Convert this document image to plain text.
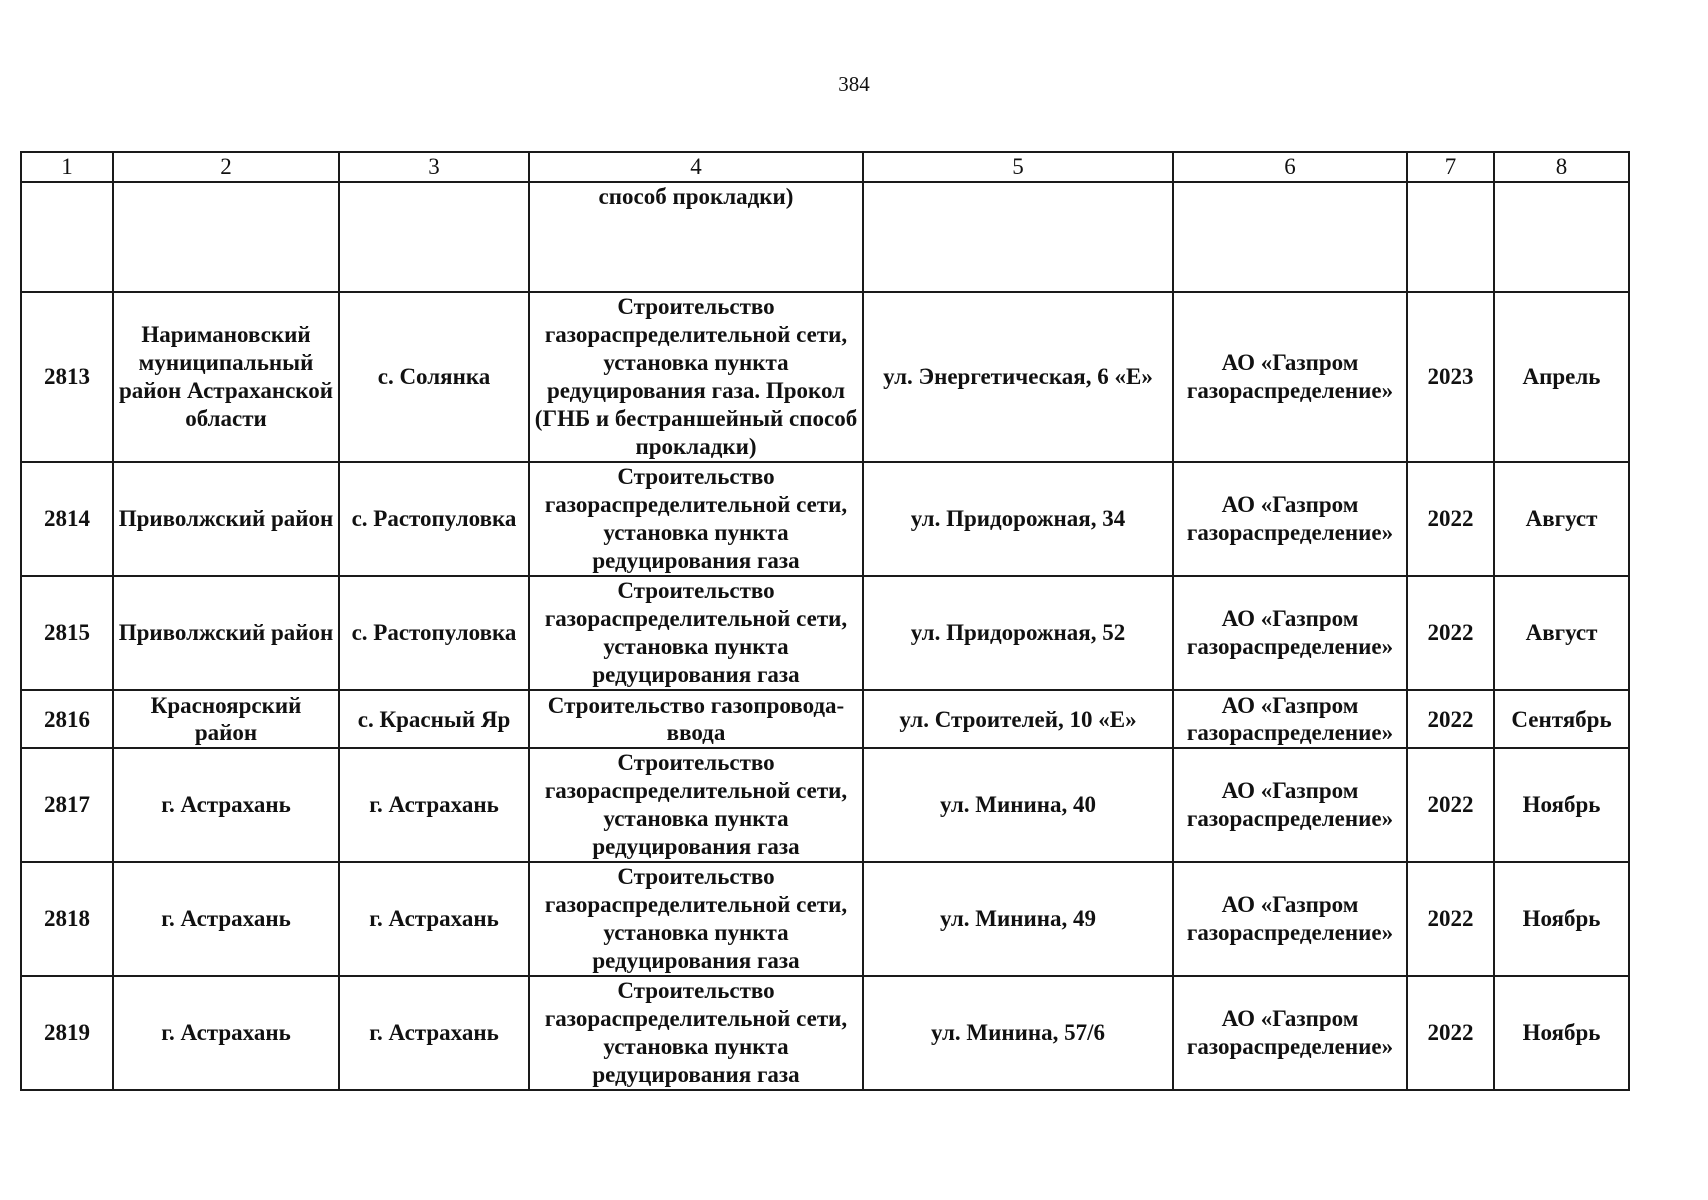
384
1	2	3	4	5	6	7	8
			способ прокладки)				
2813	Наримановский муниципальный район Астраханской области	с. Солянка	Строительство газораспределительной сети, установка пункта редуцирования газа. Прокол (ГНБ и бестраншейный способ прокладки)	ул. Энергетическая, 6 «Е»	АО «Газпром газораспределение»	2023	Апрель
2814	Приволжский район	с. Растопуловка	Строительство газораспределительной сети, установка пункта редуцирования газа	ул. Придорожная, 34	АО «Газпром газораспределение»	2022	Август
2815	Приволжский район	с. Растопуловка	Строительство газораспределительной сети, установка пункта редуцирования газа	ул. Придорожная, 52	АО «Газпром газораспределение»	2022	Август
2816	Красноярский район	с. Красный Яр	Строительство газопровода-ввода	ул. Строителей, 10 «Е»	АО «Газпром газораспределение»	2022	Сентябрь
2817	г. Астрахань	г. Астрахань	Строительство газораспределительной сети, установка пункта редуцирования газа	ул. Минина, 40	АО «Газпром газораспределение»	2022	Ноябрь
2818	г. Астрахань	г. Астрахань	Строительство газораспределительной сети, установка пункта редуцирования газа	ул. Минина, 49	АО «Газпром газораспределение»	2022	Ноябрь
2819	г. Астрахань	г. Астрахань	Строительство газораспределительной сети, установка пункта редуцирования газа	ул. Минина, 57/6	АО «Газпром газораспределение»	2022	Ноябрь
